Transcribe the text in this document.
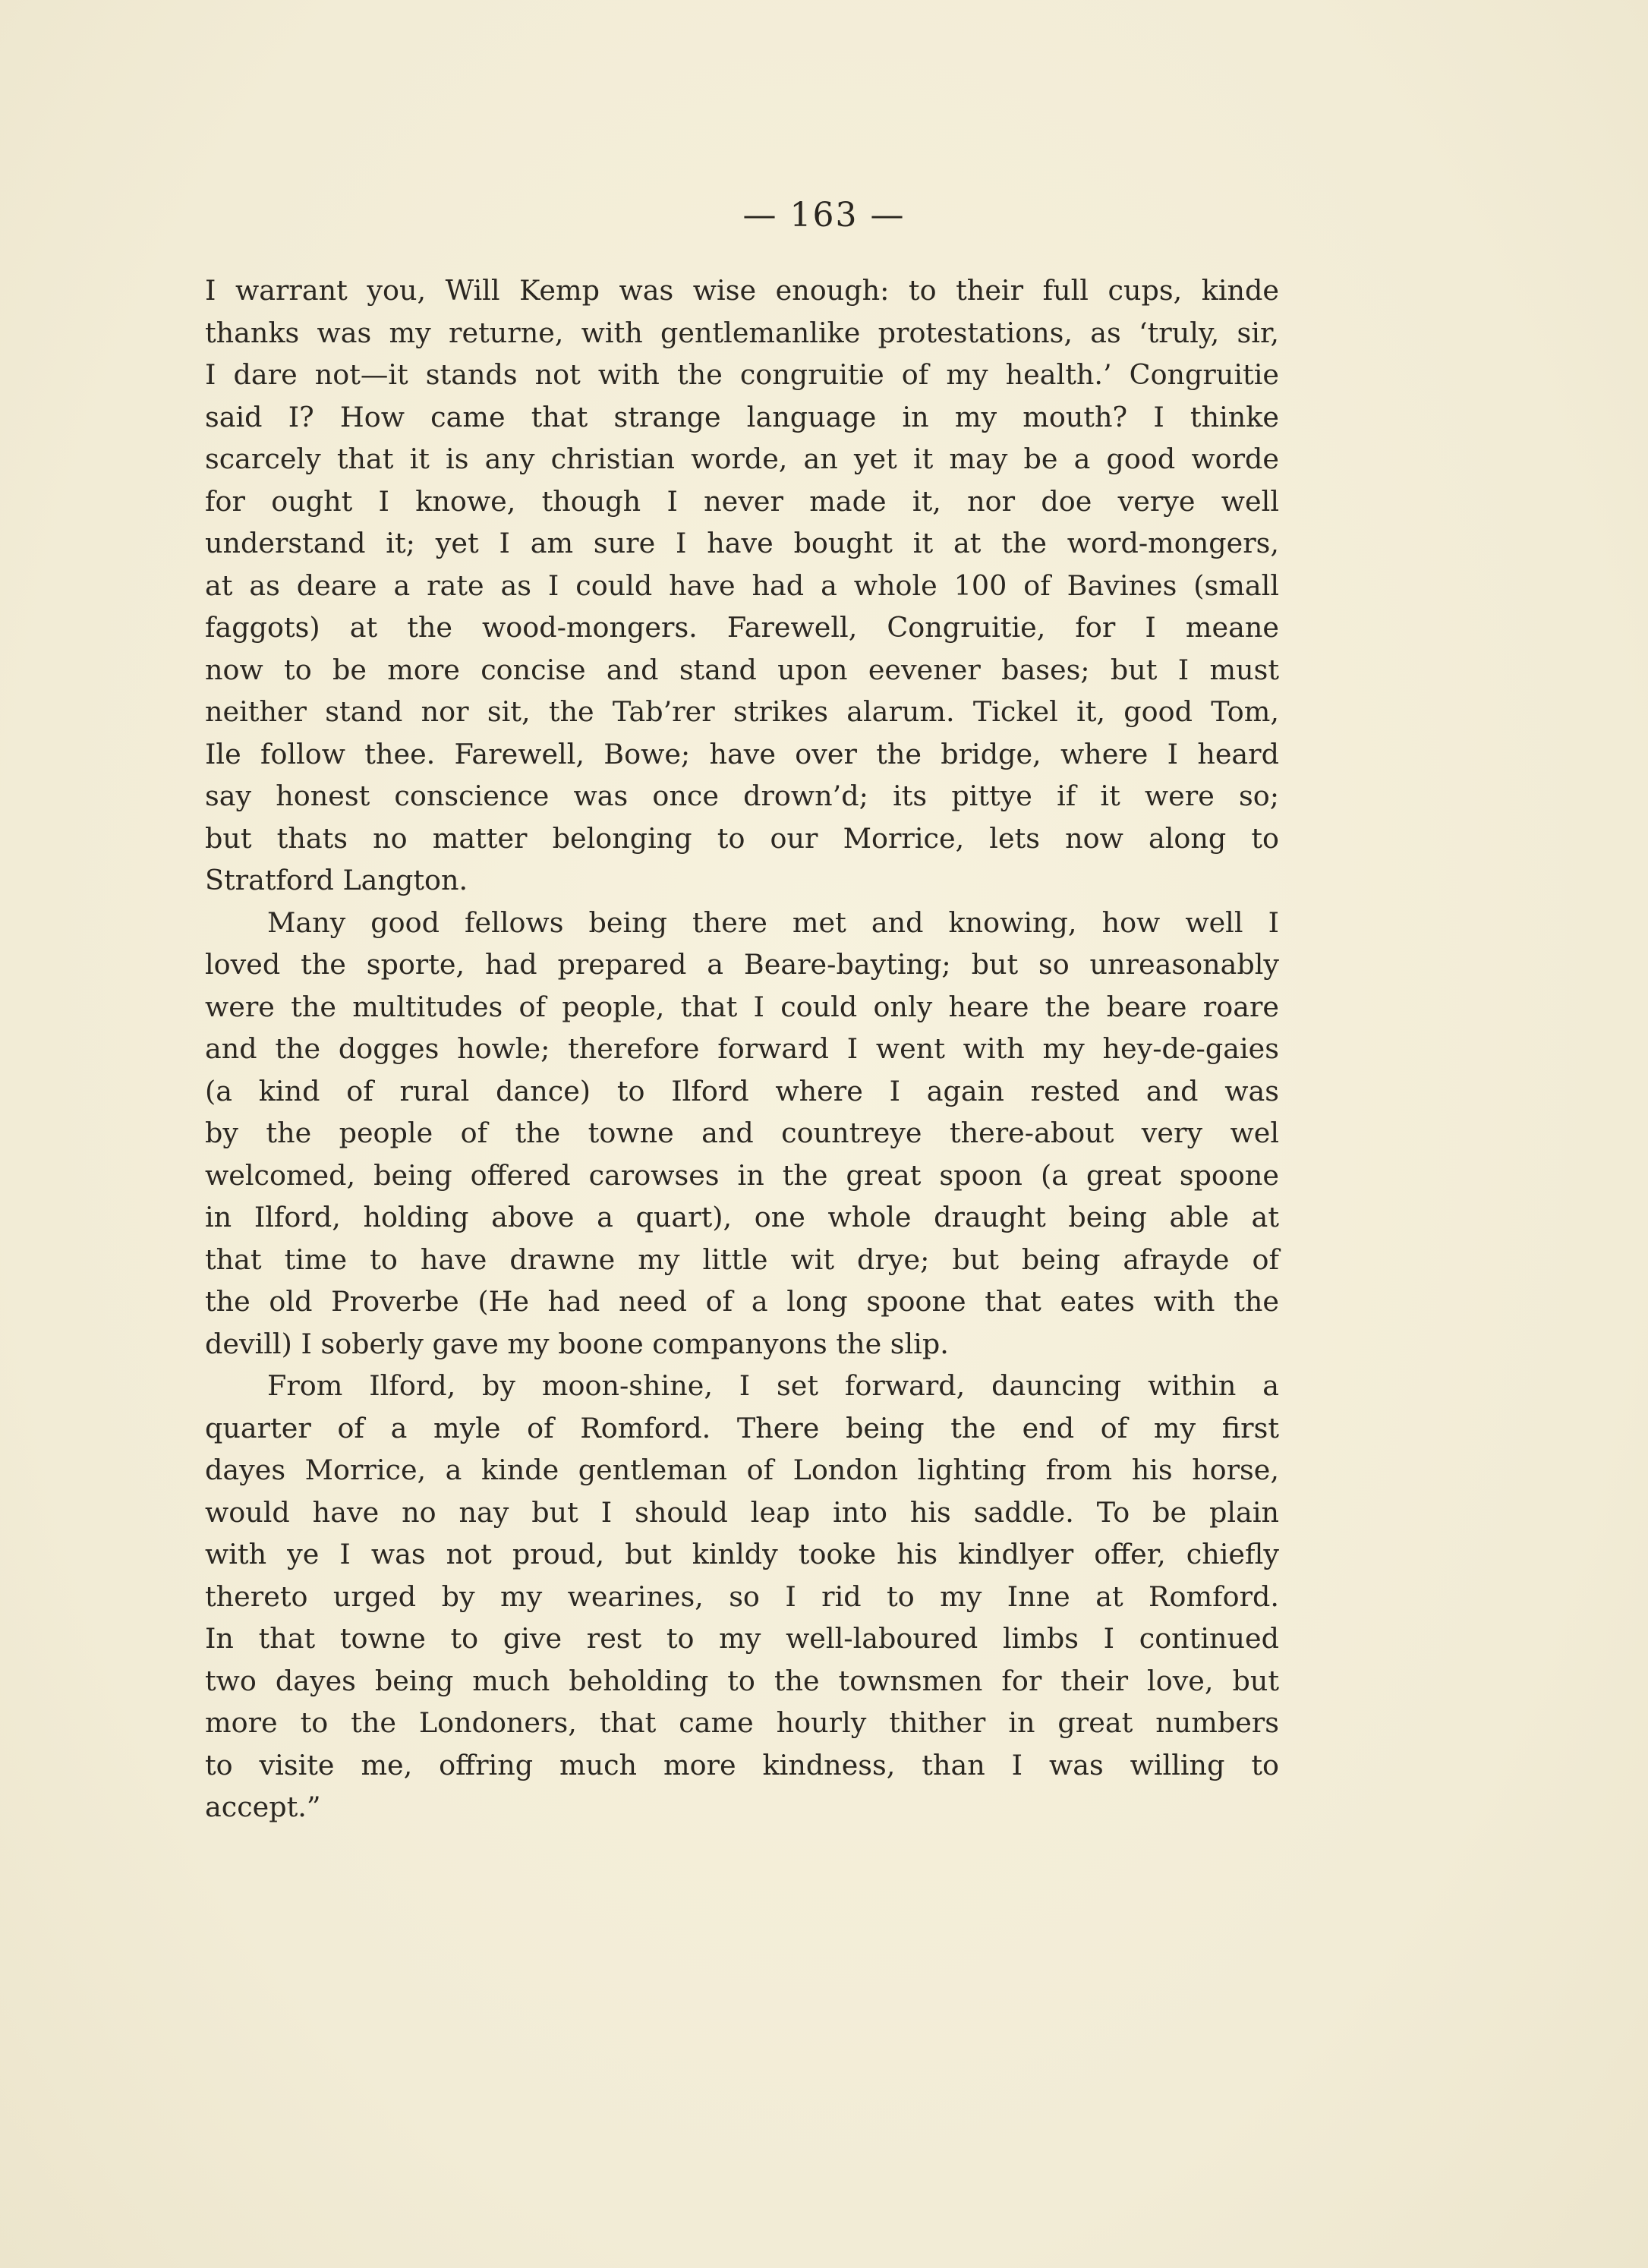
— 163 —
I warrant you, Will Kemp was wise enough: to their full cups, kinde
thanks was my returne, with gentlemanlike protestations, as ‘truly, sir,
I dare not—it stands not with the congruitie of my health.’ Congruitie
said I? How came that strange language in my mouth? I thinke
scarcely that it is any christian worde, an yet it may be a good worde
for ought I knowe, though I never made it, nor doe verye well
understand it; yet I am sure I have bought it at the word-mongers,
at as deare a rate as I could have had a whole 100 of Bavines (small
faggots) at the wood-mongers. Farewell, Congruitie, for I meane
now to be more concise and stand upon eevener bases; but I must
neither stand nor sit, the Tab’rer strikes alarum. Tickel it, good Tom,
Ile follow thee. Farewell, Bowe; have over the bridge, where I heard
say honest conscience was once drown’d; its pittye if it were so;
but thats no matter belonging to our Morrice, lets now along to
Stratford Langton.
Many good fellows being there met and knowing, how well I
loved the sporte, had prepared a Beare-bayting; but so unreasonably
were the multitudes of people, that I could only heare the beare roare
and the dogges howle; therefore forward I went with my hey-de-gaies
(a kind of rural dance) to Ilford where I again rested and was
by the people of the towne and countreye there-about very wel
welcomed, being offered carowses in the great spoon (a great spoone
in Ilford, holding above a quart), one whole draught being able at
that time to have drawne my little wit drye; but being afrayde of
the old Proverbe (He had need of a long spoone that eates with the
devill) I soberly gave my boone companyons the slip.
From Ilford, by moon-shine, I set forward, dauncing within a
quarter of a myle of Romford. There being the end of my first
dayes Morrice, a kinde gentleman of London lighting from his horse,
would have no nay but I should leap into his saddle. To be plain
with ye I was not proud, but kinldy tooke his kindlyer offer, chiefly
thereto urged by my wearines, so I rid to my Inne at Romford.
In that towne to give rest to my well-laboured limbs I continued
two dayes being much beholding to the townsmen for their love, but
more to the Londoners, that came hourly thither in great numbers
to visite me, offring much more kindness, than I was willing to
accept.”
